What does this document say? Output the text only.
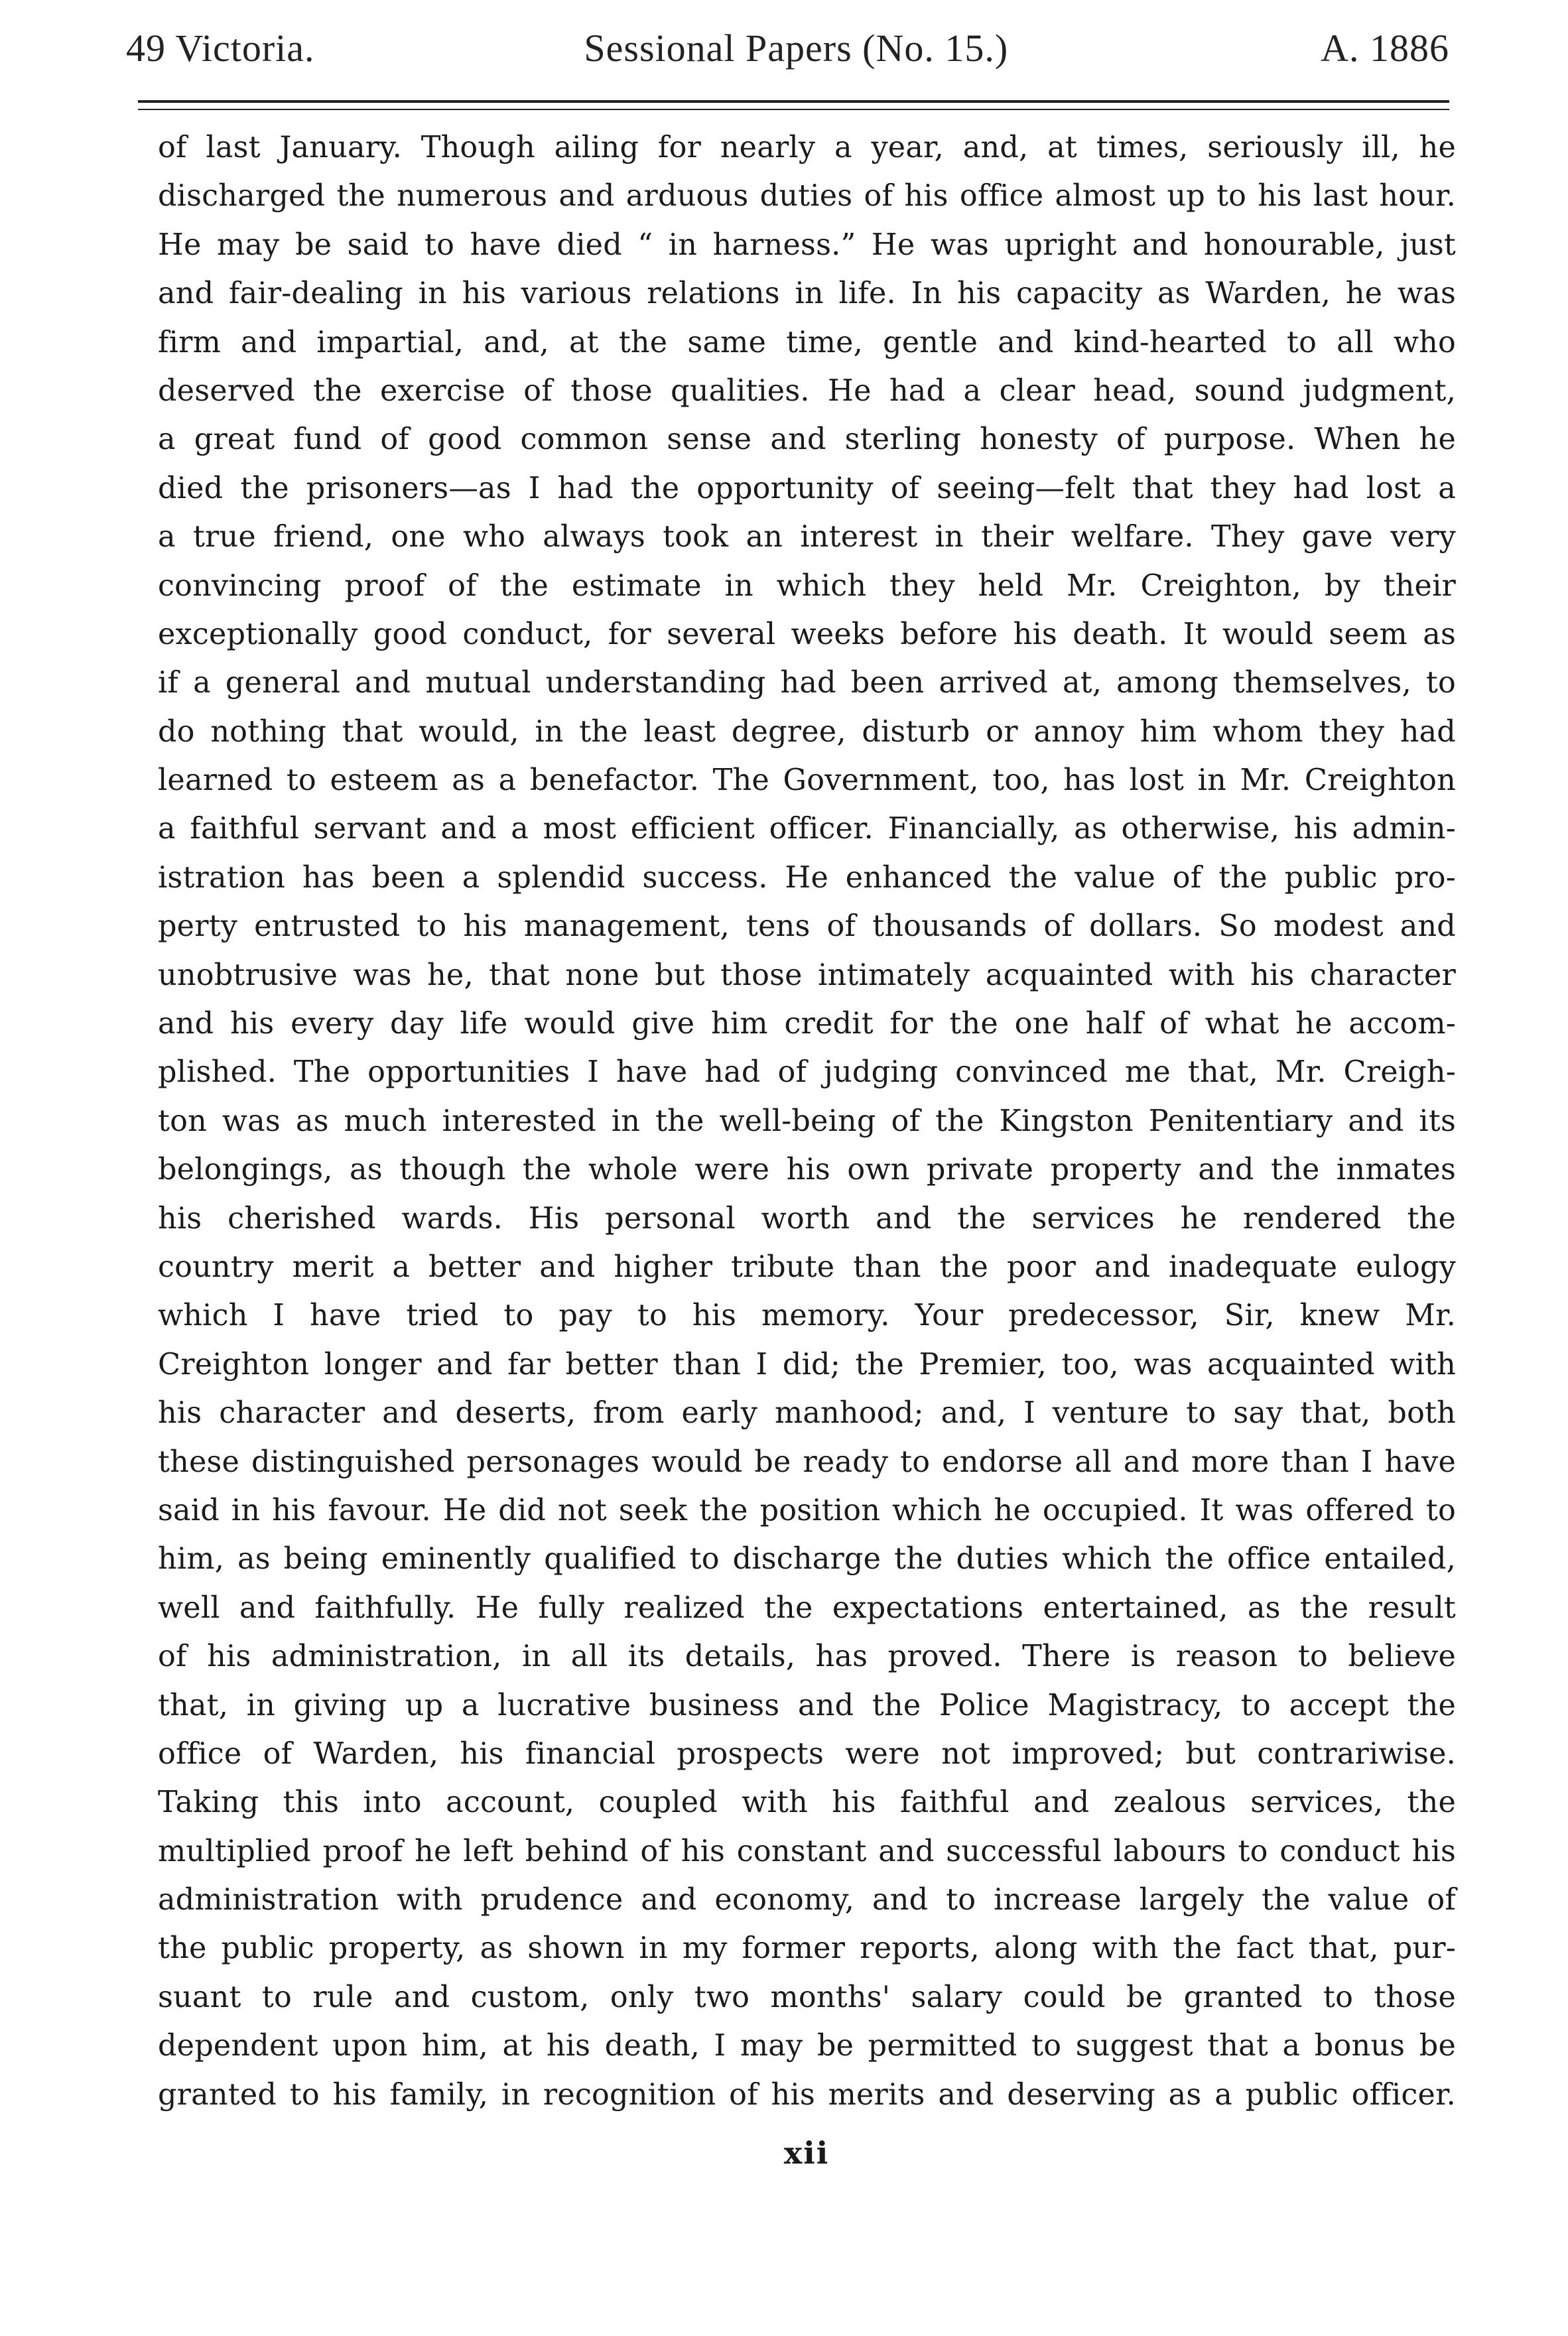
49 Victoria.	Sessional Papers (No. 15.)	A. 1886
of last January. Though ailing for nearly a year, and, at times, seriously ill, he
discharged the numerous and arduous duties of his office almost up to his last hour.
He may be said to have died “ in harness.” He was upright and honourable, just
and fair-dealing in his various relations in life. In his capacity as Warden, he was
firm and impartial, and, at the same time, gentle and kind-hearted to all who
deserved the exercise of those qualities. He had a clear head, sound judgment,
a great fund of good common sense and sterling honesty of purpose. When he
died the prisoners—as I had the opportunity of seeing—felt that they had lost a
a true friend, one who always took an interest in their welfare. They gave very
convincing proof of the estimate in which they held Mr. Creighton, by their
exceptionally good conduct, for several weeks before his death. It would seem as
if a general and mutual understanding had been arrived at, among themselves, to
do nothing that would, in the least degree, disturb or annoy him whom they had
learned to esteem as a benefactor. The Government, too, has lost in Mr. Creighton
a faithful servant and a most efficient officer. Financially, as otherwise, his admin-
istration has been a splendid success. He enhanced the value of the public pro-
perty entrusted to his management, tens of thousands of dollars. So modest and
unobtrusive was he, that none but those intimately acquainted with his character
and his every day life would give him credit for the one half of what he accom-
plished. The opportunities I have had of judging convinced me that, Mr. Creigh-
ton was as much interested in the well-being of the Kingston Penitentiary and its
belongings, as though the whole were his own private property and the inmates
his cherished wards. His personal worth and the services he rendered the
country merit a better and higher tribute than the poor and inadequate eulogy
which I have tried to pay to his memory. Your predecessor, Sir, knew Mr.
Creighton longer and far better than I did; the Premier, too, was acquainted with
his character and deserts, from early manhood; and, I venture to say that, both
these distinguished personages would be ready to endorse all and more than I have
said in his favour. He did not seek the position which he occupied. It was offered to
him, as being eminently qualified to discharge the duties which the office entailed,
well and faithfully. He fully realized the expectations entertained, as the result
of his administration, in all its details, has proved. There is reason to believe
that, in giving up a lucrative business and the Police Magistracy, to accept the
office of Warden, his financial prospects were not improved; but contrariwise.
Taking this into account, coupled with his faithful and zealous services, the
multiplied proof he left behind of his constant and successful labours to conduct his
administration with prudence and economy, and to increase largely the value of
the public property, as shown in my former reports, along with the fact that, pur-
suant to rule and custom, only two months' salary could be granted to those
dependent upon him, at his death, I may be permitted to suggest that a bonus be
granted to his family, in recognition of his merits and deserving as a public officer.
xii
